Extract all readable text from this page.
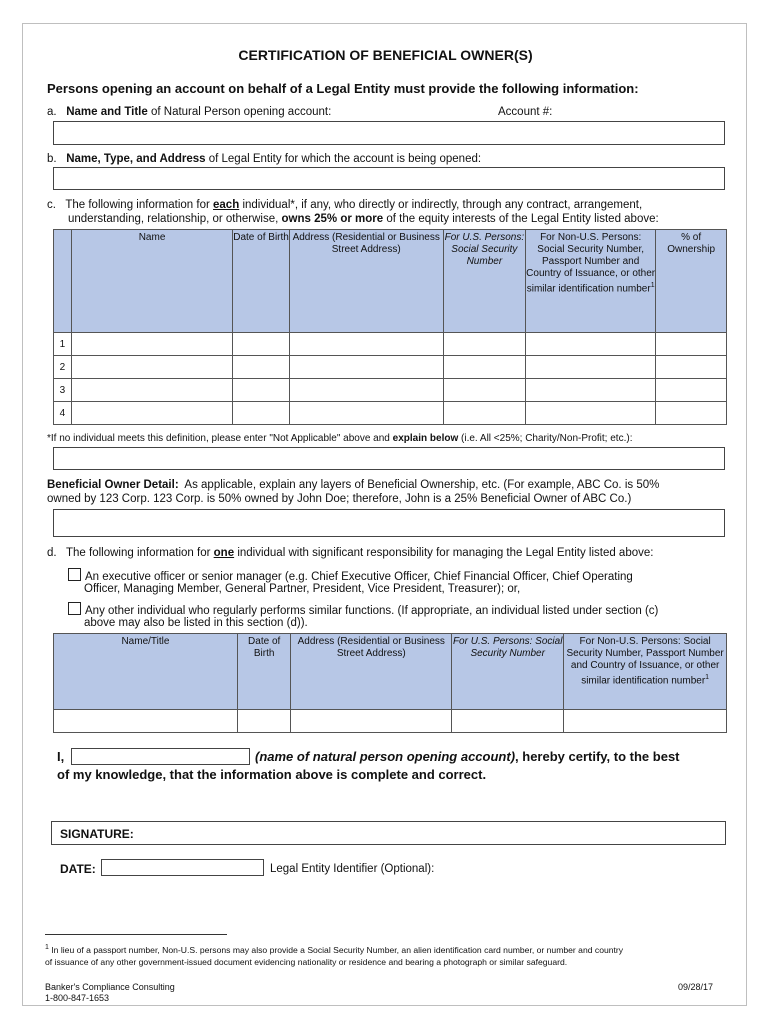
CERTIFICATION OF BENEFICIAL OWNER(S)
Persons opening an account on behalf of a Legal Entity must provide the following information:
a. Name and Title of Natural Person opening account:	Account #:
b. Name, Type, and Address of Legal Entity for which the account is being opened:
c. The following information for each individual*, if any, who directly or indirectly, through any contract, arrangement,
understanding, relationship, or otherwise, owns 25% or more of the equity interests of the Legal Entity listed above:
	Name	Date of Birth	Address (Residential or Business Street Address)	For U.S. Persons: Social Security Number	For Non-U.S. Persons: Social Security Number, Passport Number and Country of Issuance, or other similar identification number$^1$	% of Ownership
1						
2						
3						
4						
*If no individual meets this definition, please enter "Not Applicable" above and explain below (i.e. All <25%; Charity/Non-Profit; etc.):
Beneficial Owner Detail: As applicable, explain any layers of Beneficial Ownership, etc. (For example, ABC Co. is 50%
owned by 123 Corp. 123 Corp. is 50% owned by John Doe; therefore, John is a 25% Beneficial Owner of ABC Co.)
d. The following information for one individual with significant responsibility for managing the Legal Entity listed above:
An executive officer or senior manager (e.g. Chief Executive Officer, Chief Financial Officer, Chief Operating
Officer, Managing Member, General Partner, President, Vice President, Treasurer); or,
Any other individual who regularly performs similar functions. (If appropriate, an individual listed under section (c)
above may also be listed in this section (d)).
Name/Title	Date of Birth	Address (Residential or Business Street Address)	For U.S. Persons: Social Security Number	For Non-U.S. Persons: Social Security Number, Passport Number and Country of Issuance, or other similar identification number$^1$

I,	(name of natural person opening account), hereby certify, to the best
of my knowledge, that the information above is complete and correct.
SIGNATURE:
DATE:	Legal Entity Identifier (Optional):
$^1$ In lieu of a passport number, Non-U.S. persons may also provide a Social Security Number, an alien identification card number, or number and country
of issuance of any other government-issued document evidencing nationality or residence and bearing a photograph or similar safeguard.
Banker's Compliance Consulting
1-800-847-1653
09/28/17
